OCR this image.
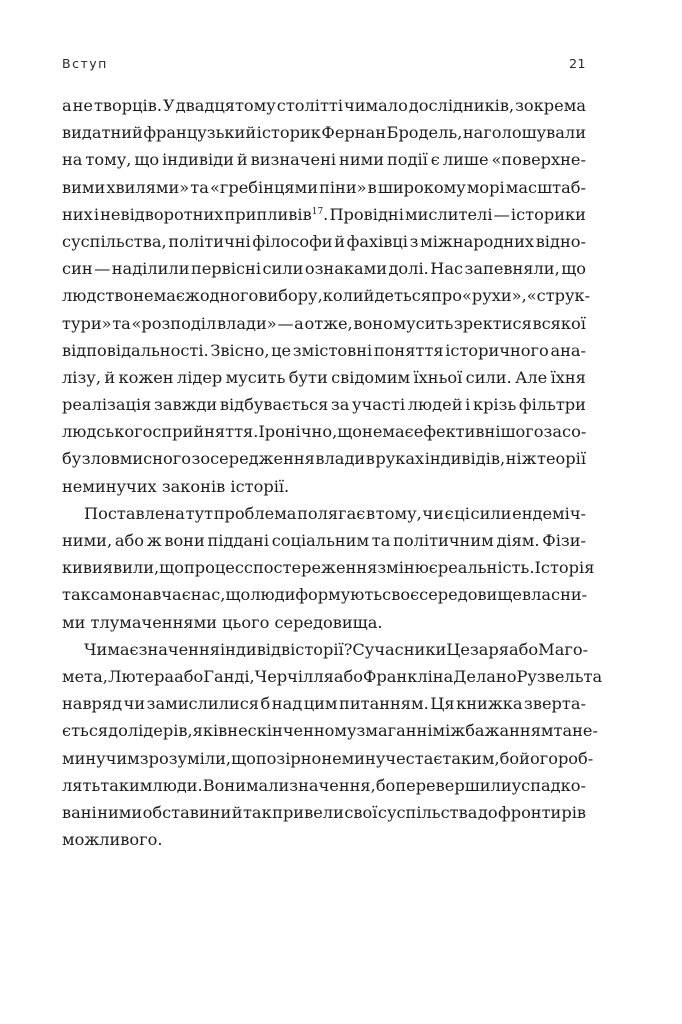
Вступ	21
а не творців. У двадцятому столітті чимало дослідників, зокрема
видатний французький історик Фернан Бродель, наголошували
на тому, що індивіди й визначені ними події є лише «поверхне-
вими хвилями» та «гребінцями піни» в широкому морі масштаб-
них і невідворотних припливів$^{17}$. Провідні мислителі — історики
суспільства, політичні філософи й фахівці з міжнародних відно-
син — наділили первісні сили ознаками долі. Нас запевняли, що
людство не має жодного вибору, коли йдеться про «рухи», «струк-
тури» та «розподіл влади» — а отже, воно мусить зректися всякої
відповідальності. Звісно, це змістовні поняття історичного ана-
лізу, й кожен лідер мусить бути свідомим їхньої сили. Але їхня
реалізація завжди відбувається за участі людей і крізь фільтри
людського сприйняття. Іронічно, що немає ефективнішого засо-
бу зловмисного зосередження влади в руках індивідів, ніж теорії
неминучих законів історії.
Поставлена тут проблема полягає в тому, чи є ці сили ендеміч-
ними, або ж вони піддані соціальним та політичним діям. Фізи-
ки виявили, що процес спостереження змінює реальність. Історія
так само навчає нас, що люди формують своє середовище власни-
ми тлумаченнями цього середовища.
Чи має значення індивід в історії? Сучасники Цезаря або Маго-
мета, Лютера або Ганді, Черчілля або Франкліна Делано Рузвельта
навряд чи замислилися б над цим питанням. Ця книжка зверта-
ється до лідерів, які в нескінченному змаганні між бажанням та не-
минучим зрозуміли, що позірно неминуче стає таким, бо його роб-
лять таким люди. Вони мали значення, бо перевершили успадко-
вані ними обставини й так привели свої суспільства до фронтирів
можливого.
